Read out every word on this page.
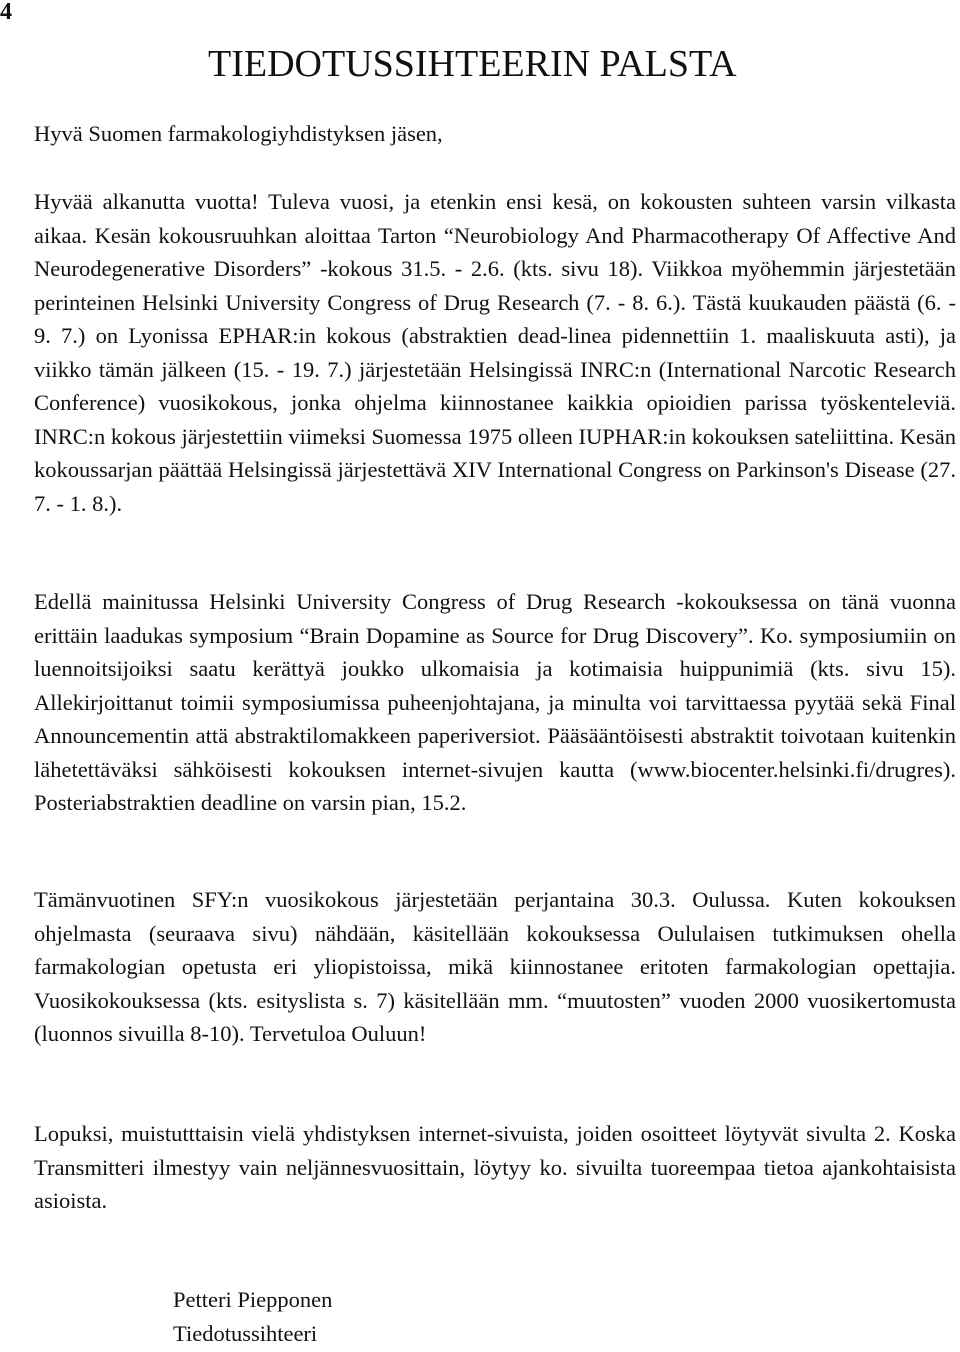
4
TIEDOTUSSIHTEERIN PALSTA

Hyvä Suomen farmakologiyhdistyksen jäsen,

Hyvää alkanutta vuotta! Tuleva vuosi, ja etenkin ensi kesä, on kokousten suhteen varsin vilkasta aikaa. Kesän kokousruuhkan aloittaa Tarton “Neurobiology And Pharmacotherapy Of Affective And Neurodegenerative Disorders” -kokous 31.5. - 2.6. (kts. sivu 18). Viikkoa myöhemmin järjestetään perinteinen Helsinki University Congress of Drug Research (7. - 8. 6.). Tästä kuukauden päästä (6. - 9. 7.) on Lyonissa EPHAR:in kokous (abstraktien dead-linea pidennettiin 1. maaliskuuta asti), ja viikko tämän jälkeen (15. - 19. 7.) järjestetään Helsingissä INRC:n (International Narcotic Research Conference) vuosikokous, jonka ohjelma kiinnostanee kaikkia opioidien parissa työskenteleviä. INRC:n kokous järjestettiin viimeksi Suomessa 1975 olleen IUPHAR:in kokouksen sateliittina. Kesän kokoussarjan päättää Helsingissä järjestettävä XIV International Congress on Parkinson's Disease (27. 7. - 1. 8.).

Edellä mainitussa Helsinki University Congress of Drug Research -kokouksessa on tänä vuonna erittäin laadukas symposium “Brain Dopamine as Source for Drug Discovery”. Ko. symposiumiin on luennoitsijoiksi saatu kerättyä joukko ulkomaisia ja kotimaisia huippunimiä (kts. sivu 15). Allekirjoittanut toimii symposiumissa puheenjohtajana, ja minulta voi tarvittaessa pyytää sekä Final Announcementin attä abstraktilomakkeen paperiversiot. Pääsääntöisesti abstraktit toivotaan kuitenkin lähetettäväksi sähköisesti kokouksen internet-sivujen kautta (www.biocenter.helsinki.fi/drugres). Posteriabstraktien deadline on varsin pian, 15.2.

Tämänvuotinen SFY:n vuosikokous järjestetään perjantaina 30.3. Oulussa. Kuten kokouksen ohjelmasta (seuraava sivu) nähdään, käsitellään kokouksessa Oululaisen tutkimuksen ohella farmakologian opetusta eri yliopistoissa, mikä kiinnostanee eritoten farmakologian opettajia. Vuosikokouksessa (kts. esityslista s. 7) käsitellään mm. “muutosten” vuoden 2000 vuosikertomusta (luonnos sivuilla 8-10). Tervetuloa Ouluun!

Lopuksi, muistutttaisin vielä yhdistyksen internet-sivuista, joiden osoitteet löytyvät sivulta 2. Koska Transmitteri ilmestyy vain neljännesvuosittain, löytyy ko. sivuilta tuoreempaa tietoa ajankohtaisista asioista.

Petteri Piepponen
Tiedotussihteeri
